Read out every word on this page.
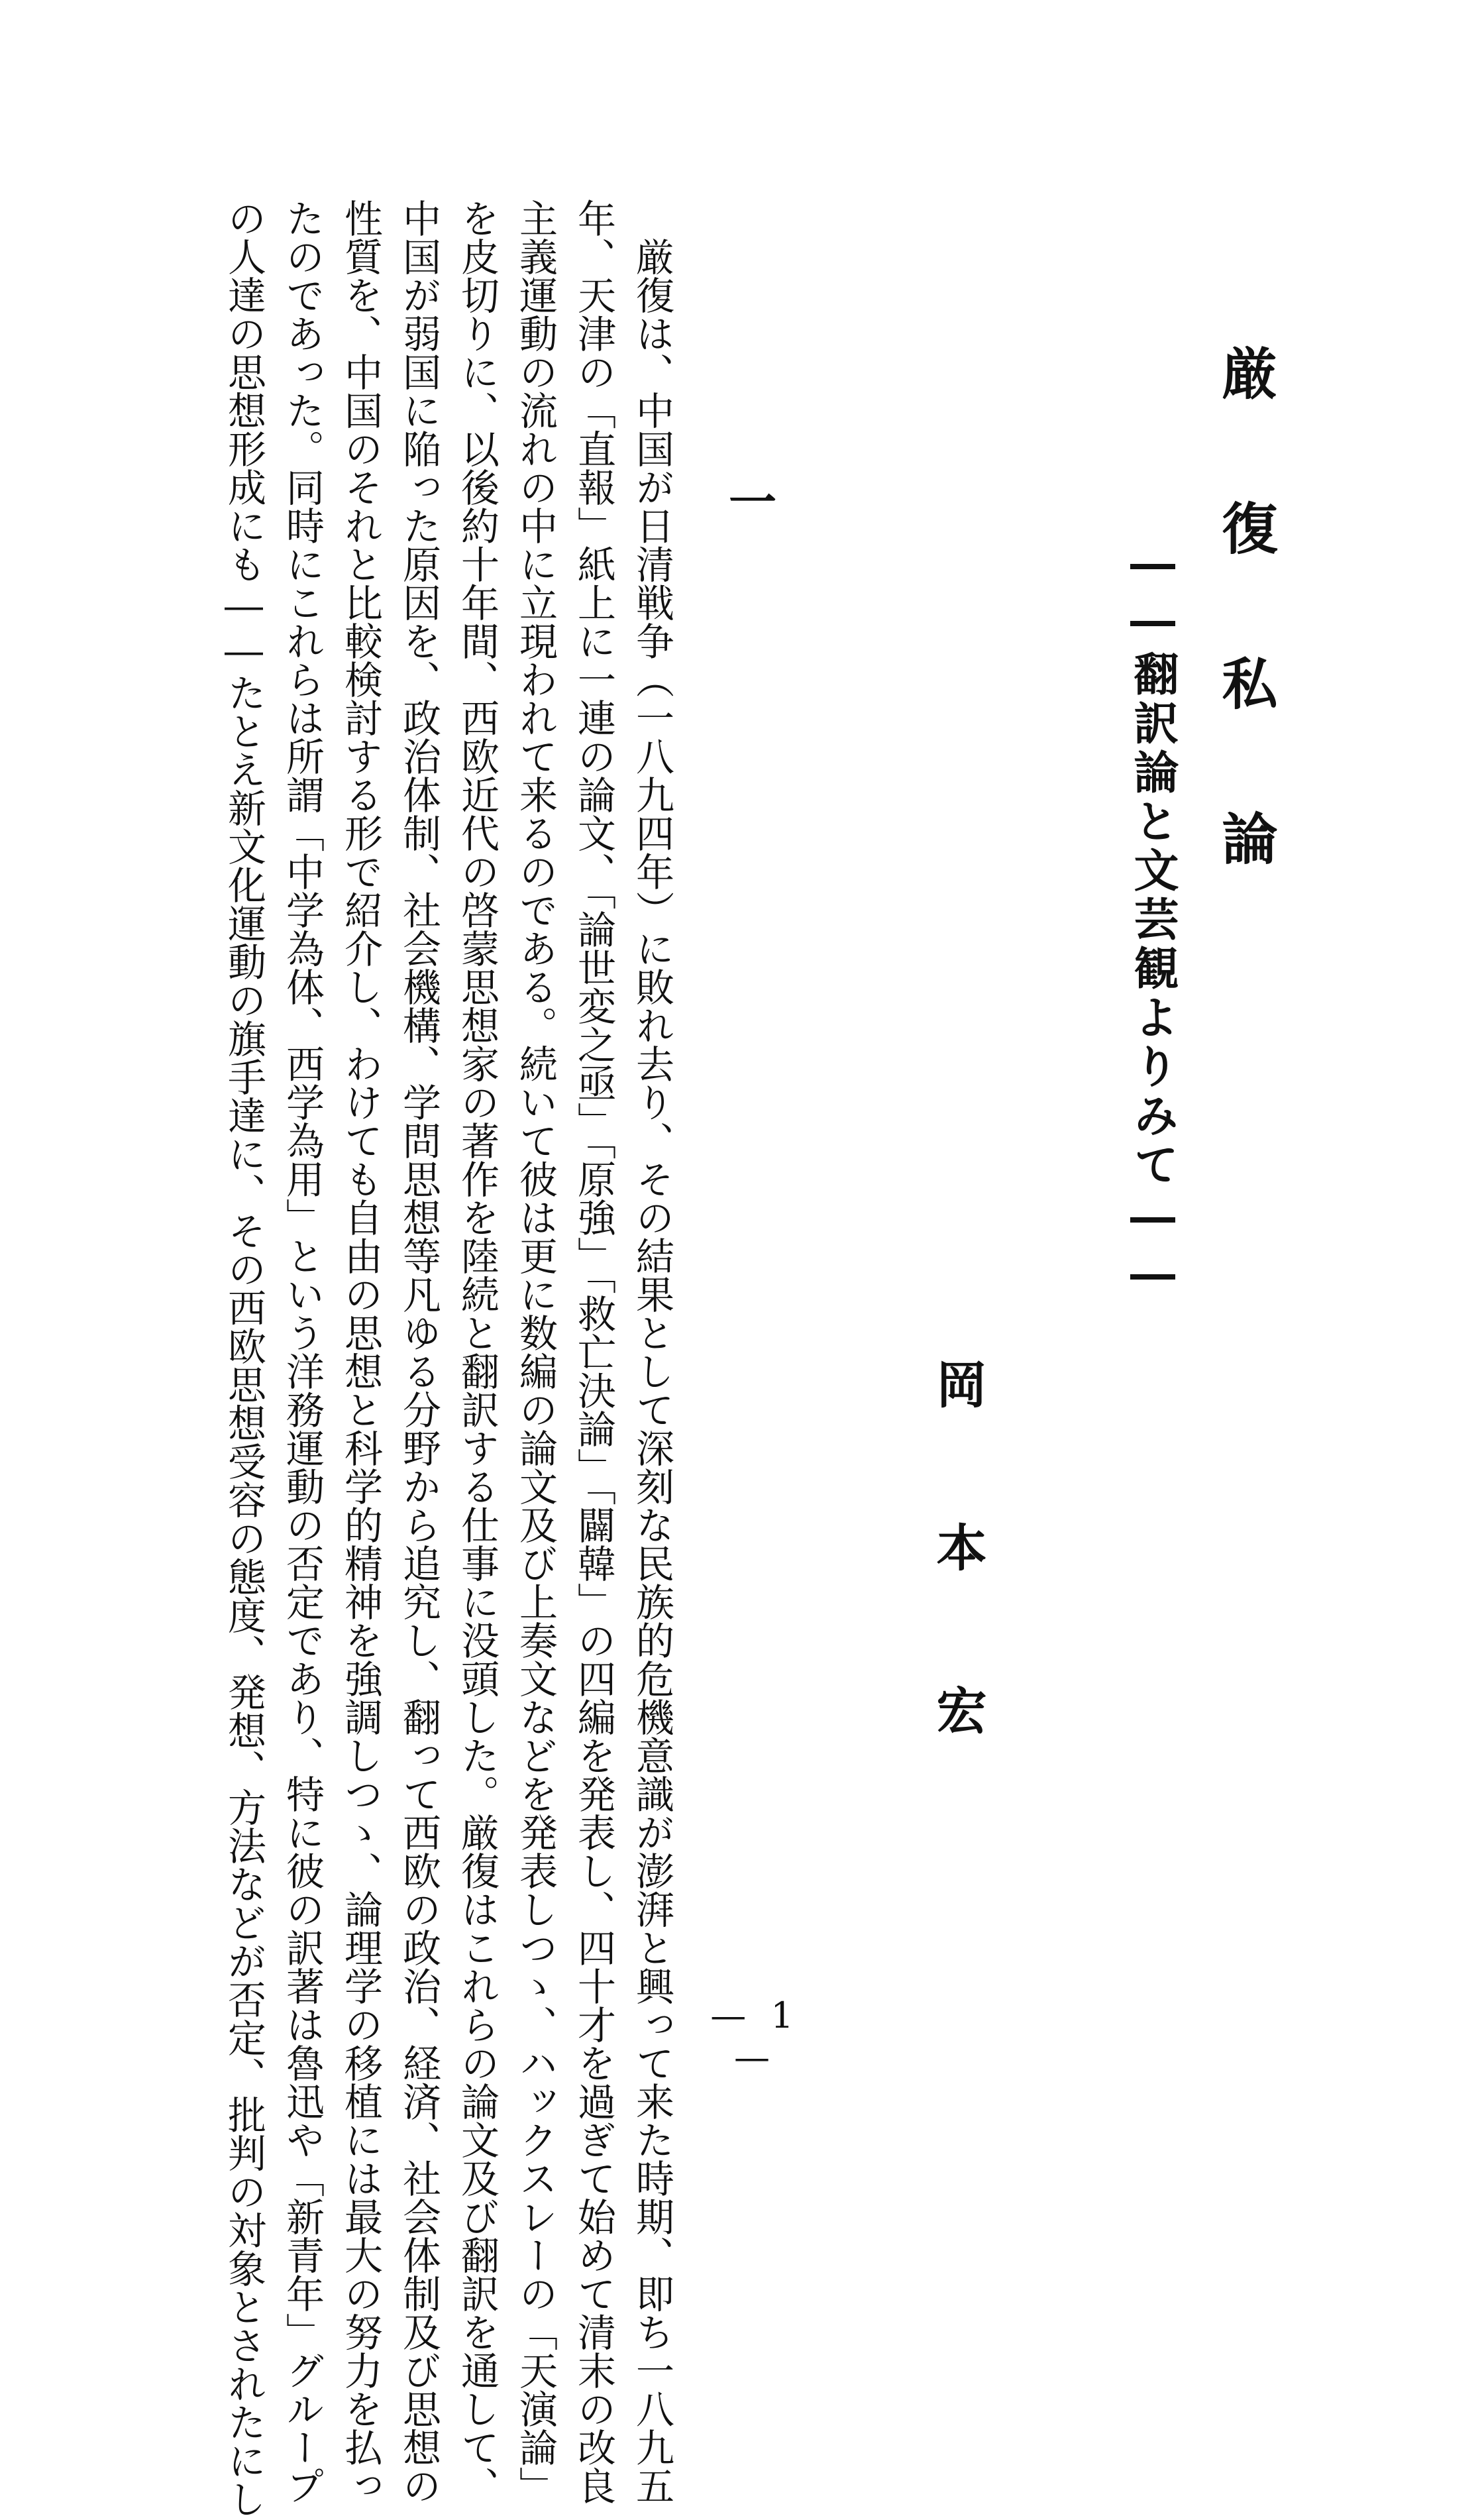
厳復私論
――翻訳論と文芸観よりみて――
岡本宏
一

　厳復は、中国が日清戦争（一八九四年）に敗れ去り、その結果として深刻な民族的危機意識が澎湃と興って来た時期、即ち一八九五

年、天津の「直報」紙上に一連の論文、「論世変之亟」「原強」「救亡決論」「闢韓」の四編を発表し、四十才を過ぎて始めて清末の改良

主義運動の流れの中に立現われて来るのである。続いて彼は更に数編の論文及び上奏文などを発表しつゝ、ハックスレーの「天演論」

を皮切りに、以後約十年間、西欧近代の啓蒙思想家の著作を陸続と翻訳する仕事に没頭した。厳復はこれらの論文及び翻訳を通して、

中国が弱国に陥った原因を、政治体制、社会機構、学問思想等凡ゆる分野から追究し、翻って西欧の政治、経済、社会体制及び思想の

性質を、中国のそれと比較検討する形で紹介し、わけても自由の思想と科学的精神を強調しつゝ、論理学の移植には最大の努力を払っ

たのであった。同時にこれらは所謂「中学為体、西学為用」という洋務運動の否定であり、特に彼の訳著は魯迅や「新青年」グループ

の人達の思想形成にも――たとえ新文化運動の旗手達に、その西欧思想受容の態度、発想、方法などが否定、批判の対象とされたにし	— 1 —
